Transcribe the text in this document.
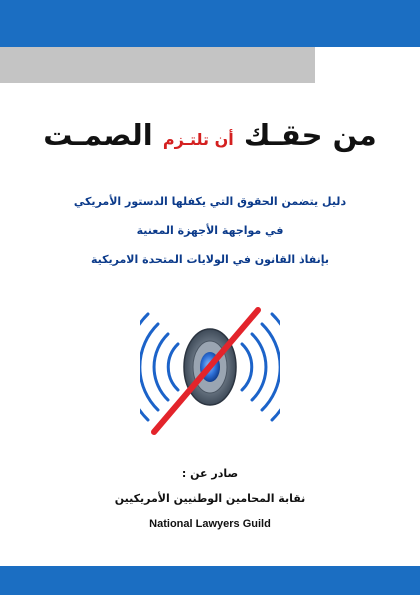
من حقـك أن تلتـزم الصمـت
دليل يتضمن الحقوق التي يكفلها الدستور الأمريكي
في مواجهة الأجهزة المعنية
بإنفاذ القانون في الولايات المتحدة الامريكية
صادر عن :
نقابة المحامين الوطنيين الأمريكيين
National Lawyers Guild
